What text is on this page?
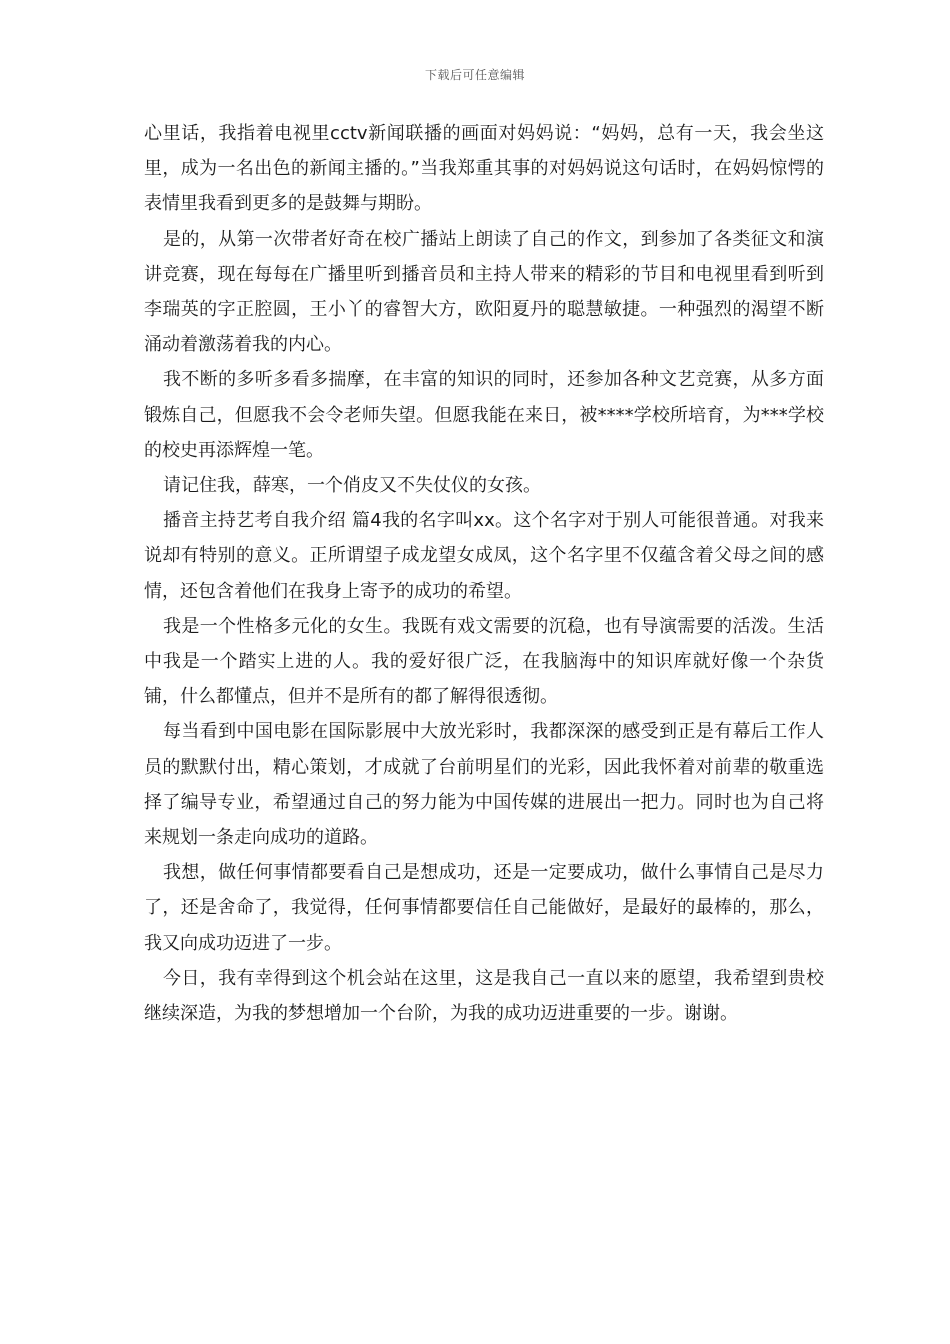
下载后可任意编辑

心里话，我指着电视里cctv新闻联播的画面对妈妈说：“妈妈，总有一天，我会坐这里，成为一名出色的新闻主播的。”当我郑重其事的对妈妈说这句话时，在妈妈惊愕的表情里我看到更多的是鼓舞与期盼。

是的，从第一次带者好奇在校广播站上朗读了自己的作文，到参加了各类征文和演讲竞赛，现在每每在广播里听到播音员和主持人带来的精彩的节目和电视里看到听到李瑞英的字正腔圆，王小丫的睿智大方，欧阳夏丹的聪慧敏捷。一种强烈的渴望不断涌动着激荡着我的内心。

我不断的多听多看多揣摩，在丰富的知识的同时，还参加各种文艺竞赛，从多方面锻炼自己，但愿我不会令老师失望。但愿我能在来日，被****学校所培育，为***学校的校史再添辉煌一笔。

请记住我，薛寒，一个俏皮又不失仗仪的女孩。

播音主持艺考自我介绍 篇4我的名字叫xx。这个名字对于别人可能很普通。对我来说却有特别的意义。正所谓望子成龙望女成凤，这个名字里不仅蕴含着父母之间的感情，还包含着他们在我身上寄予的成功的希望。

我是一个性格多元化的女生。我既有戏文需要的沉稳，也有导演需要的活泼。生活中我是一个踏实上进的人。我的爱好很广泛，在我脑海中的知识库就好像一个杂货铺，什么都懂点，但并不是所有的都了解得很透彻。

每当看到中国电影在国际影展中大放光彩时，我都深深的感受到正是有幕后工作人员的默默付出，精心策划，才成就了台前明星们的光彩，因此我怀着对前辈的敬重选择了编导专业，希望通过自己的努力能为中国传媒的进展出一把力。同时也为自己将来规划一条走向成功的道路。

我想，做任何事情都要看自己是想成功，还是一定要成功，做什么事情自己是尽力了，还是舍命了，我觉得，任何事情都要信任自己能做好，是最好的最棒的，那么，我又向成功迈进了一步。

今日，我有幸得到这个机会站在这里，这是我自己一直以来的愿望，我希望到贵校继续深造，为我的梦想增加一个台阶，为我的成功迈进重要的一步。谢谢。
